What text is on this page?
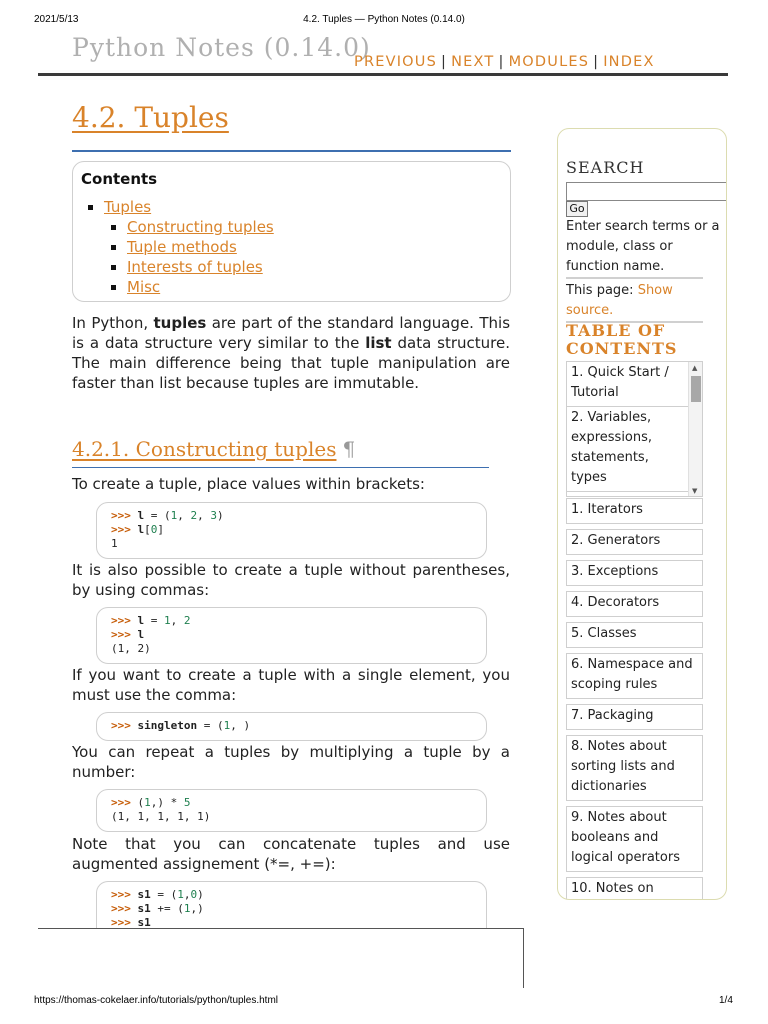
2021/5/13	4.2. Tuples — Python Notes (0.14.0)
Python Notes (0.14.0)
PREVIOUS | NEXT | MODULES | INDEX
4.2. Tuples
Contents
Tuples
Constructing tuples
Tuple methods
Interests of tuples
Misc
In Python, tuples are part of the standard language. This is a data structure very similar to the list data structure. The main difference being that tuple manipulation are faster than list because tuples are immutable.
4.2.1. Constructing tuples ¶
To create a tuple, place values within brackets:
>>> l = (1, 2, 3)
>>> l[0]
1
It is also possible to create a tuple without parentheses, by using commas:
>>> l = 1, 2
>>> l
(1, 2)
If you want to create a tuple with a single element, you must use the comma:
>>> singleton = (1, )
You can repeat a tuples by multiplying a tuple by a number:
>>> (1,) * 5
(1, 1, 1, 1, 1)
Note that you can concatenate tuples and use augmented assignement (*=, +=):
>>> s1 = (1,0)
>>> s1 += (1,)
>>> s1
SEARCH
Go
Enter search terms or a module, class or function name.
This page: Show source.
TABLE OF
CONTENTS
1. Quick Start / Tutorial
2. Variables, expressions, statements, types
▲
▼
1. Iterators
2. Generators
3. Exceptions
4. Decorators
5. Classes
6. Namespace and scoping rules
7. Packaging
8. Notes about sorting lists and dictionaries
9. Notes about booleans and logical operators
10. Notes on
https://thomas-cokelaer.info/tutorials/python/tuples.html	1/4
